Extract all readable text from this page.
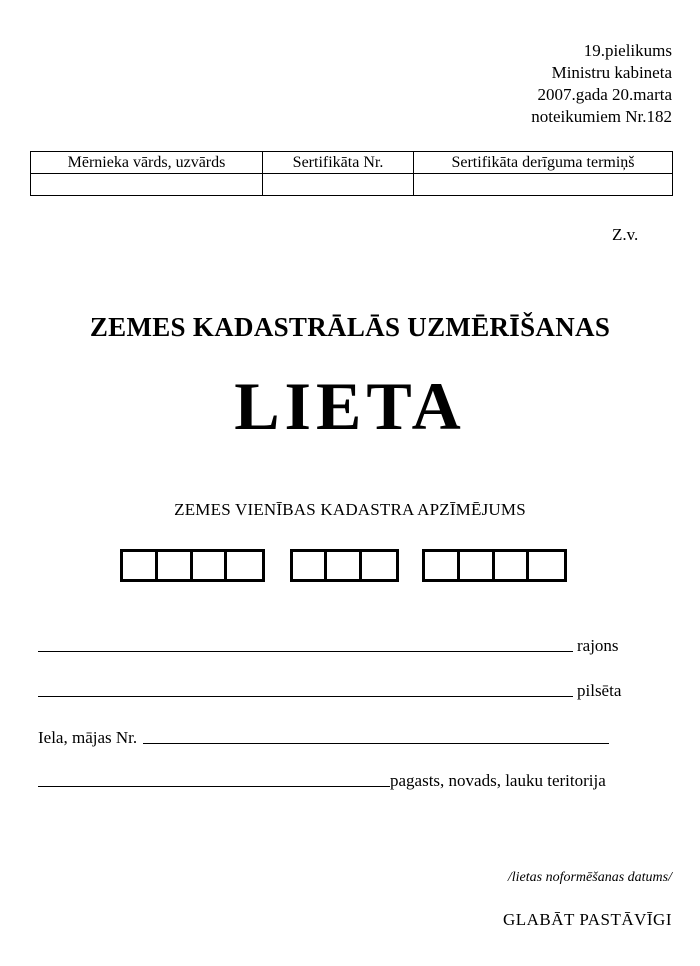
19.pielikums
Ministru kabineta
2007.gada 20.marta
noteikumiem Nr.182
Mērnieka vārds, uzvārds	Sertifikāta Nr.	Sertifikāta derīguma termiņš

Z.v.
ZEMES KADASTRĀLĀS UZMĒRĪŠANAS
LIETA
ZEMES VIENĪBAS KADASTRA APZĪMĒJUMS
rajons
pilsēta
Iela, mājas Nr.
pagasts, novads, lauku teritorija
/lietas noformēšanas datums/
GLABĀT PASTĀVĪGI
